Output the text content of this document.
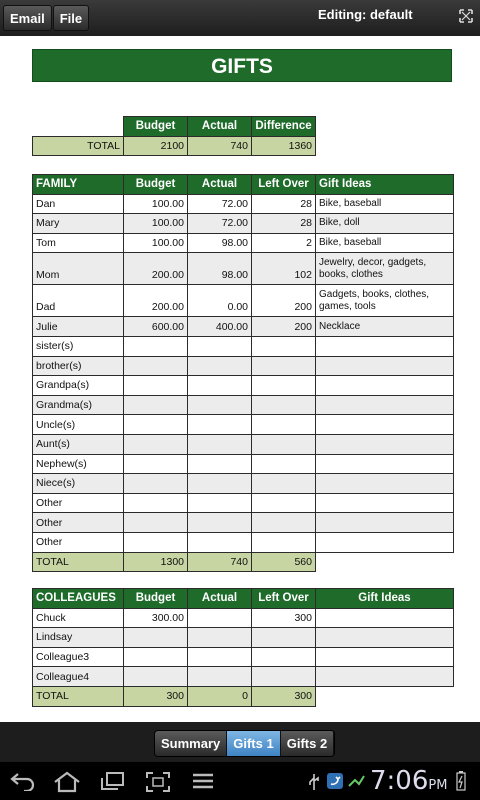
Email	File	Editing: default
GIFTS
	Budget	Actual	Difference
TOTAL	2100	740	1360
FAMILY	Budget	Actual	Left Over	Gift Ideas
Dan	100.00	72.00	28	Bike, baseball
Mary	100.00	72.00	28	Bike, doll
Tom	100.00	98.00	2	Bike, baseball
Mom	200.00	98.00	102	Jewelry, decor, gadgets, books, clothes
Dad	200.00	0.00	200	Gadgets, books, clothes, games, tools
Julie	600.00	400.00	200	Necklace
sister(s)				
brother(s)				
Grandpa(s)				
Grandma(s)				
Uncle(s)				
Aunt(s)				
Nephew(s)				
Niece(s)				
Other				
Other				
Other				
TOTAL	1300	740	560	
COLLEAGUES	Budget	Actual	Left Over	Gift Ideas
Chuck	300.00		300	
Lindsay				
Colleague3				
Colleague4				
TOTAL	300	0	300	
Summary	Gifts 1	Gifts 2
7:06PM
